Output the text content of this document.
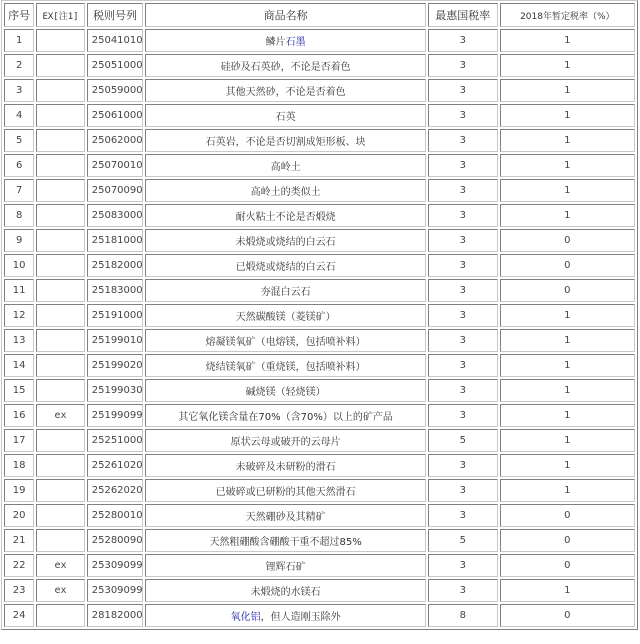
序号	EX[注1]	税则号列	商品名称	最惠国税率	2018年暂定税率（%）
1		25041010	鳞片石墨	3	1
2		25051000	硅砂及石英砂，不论是否着色	3	1
3		25059000	其他天然砂，不论是否着色	3	1
4		25061000	石英	3	1
5		25062000	石英岩，不论是否切割成矩形板、块	3	1
6		25070010	高岭土	3	1
7		25070090	高岭土的类似土	3	1
8		25083000	耐火粘土不论是否煅烧	3	1
9		25181000	未煅烧或烧结的白云石	3	0
10		25182000	已煅烧或烧结的白云石	3	0
11		25183000	夯混白云石	3	0
12		25191000	天然碳酸镁（菱镁矿）	3	1
13		25199010	熔凝镁氧矿（电熔镁，包括喷补料）	3	1
14		25199020	烧结镁氧矿（重烧镁，包括喷补料）	3	1
15		25199030	碱烧镁（轻烧镁）	3	1
16	ex	25199099	其它氧化镁含量在70%（含70%）以上的矿产品	3	1
17		25251000	原状云母或破开的云母片	5	1
18		25261020	未破碎及未研粉的滑石	3	1
19		25262020	已破碎或已研粉的其他天然滑石	3	1
20		25280010	天然硼砂及其精矿	3	0
21		25280090	天然粗硼酸含硼酸干重不超过85%	5	0
22	ex	25309099	锂辉石矿	3	0
23	ex	25309099	未煅烧的水镁石	3	1
24		28182000	氧化铝，但人造刚玉除外	8	0
